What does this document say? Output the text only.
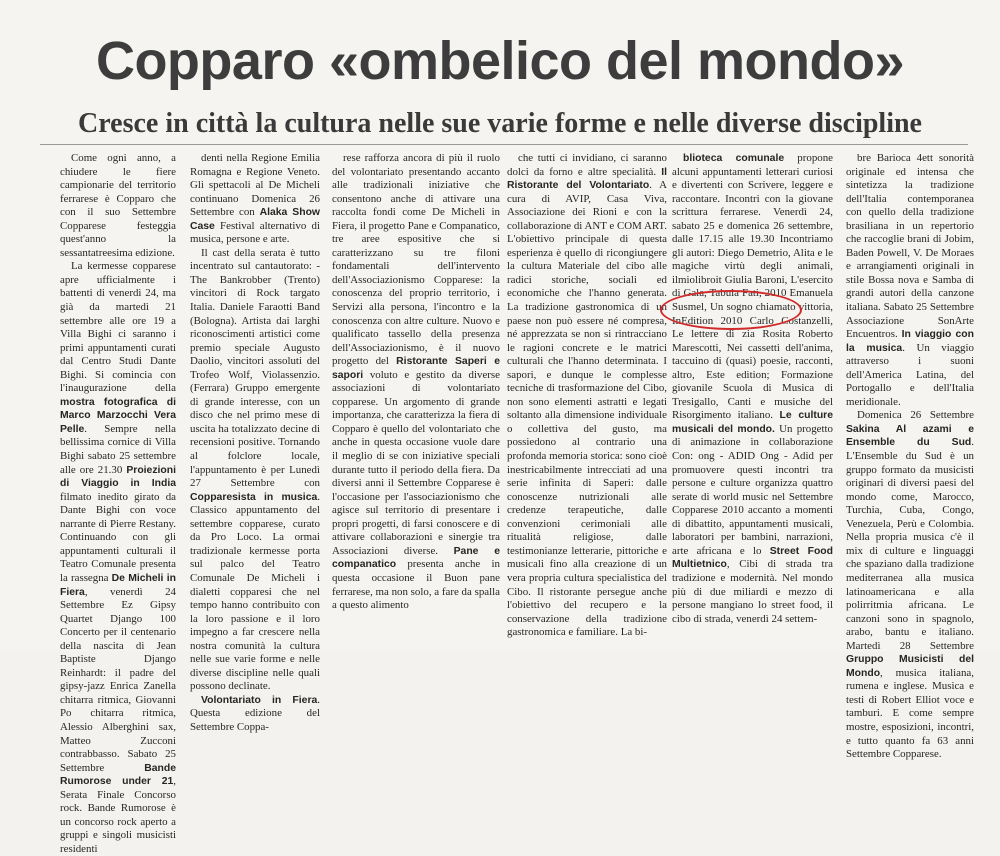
Copparo «ombelico del mondo»
Cresce in città la cultura nelle sue varie forme e nelle diverse discipline

Come ogni anno, a chiudere le fiere campionarie del territorio ferrarese è Copparo che con il suo Settembre Copparese festeggia quest'anno la sessantatreesima edizione.

La kermesse copparese apre ufficialmente i battenti di venerdì 24, ma già da martedì 21 settembre alle ore 19 a Villa Bighi ci saranno i primi appuntamenti curati dal Centro Studi Dante Bighi. Si comincia con l'inaugurazione della mostra fotografica di Marco Marzocchi Vera Pelle. Sempre nella bellissima cornice di Villa Bighi sabato 25 settembre alle ore 21.30 Proiezioni di Viaggio in India filmato inedito girato da Dante Bighi con voce narrante di Pierre Restany. Continuando con gli appuntamenti culturali il Teatro Comunale presenta la rassegna De Micheli in Fiera, venerdì 24 Settembre Ez Gipsy Quartet Django 100 Concerto per il centenario della nascita di Jean Baptiste Django Reinhardt: il padre del gipsy-jazz Enrica Zanella chitarra ritmica, Giovanni Po chitarra ritmica, Alessio Alberghini sax, Matteo Zucconi contrabbasso. Sabato 25 Settembre Bande Rumorose under 21, Serata Finale Concorso rock. Bande Rumorose è un concorso rock aperto a gruppi e singoli musicisti residenti

denti nella Regione Emilia Romagna e Regione Veneto. Gli spettacoli al De Micheli continuano Domenica 26 Settembre con Alaka Show Case Festival alternativo di musica, persone e arte.

Il cast della serata è tutto incentrato sul cantautorato: - The Bankrobber (Trento) vincitori di Rock targato Italia. Daniele Faraotti Band (Bologna). Artista dai larghi riconoscimenti artistici come premio speciale Augusto Daolio, vincitori assoluti del Trofeo Wolf, Violassenzio. (Ferrara) Gruppo emergente di grande interesse, con un disco che nel primo mese di uscita ha totalizzato decine di recensioni positive. Tornando al folclore locale, l'appuntamento è per Lunedì 27 Settembre con Copparesista in musica. Classico appuntamento del settembre copparese, curato da Pro Loco. La ormai tradizionale kermesse porta sul palco del Teatro Comunale De Micheli i dialetti copparesi che nel tempo hanno contribuito con la loro passione e il loro impegno a far crescere nella nostra comunità la cultura nelle sue varie forme e nelle diverse discipline nelle quali possono declinate.

Volontariato in Fiera. Questa edizione del Settembre Coppa-

rese rafforza ancora di più il ruolo del volontariato presentando accanto alle tradizionali iniziative che consentono anche di attivare una raccolta fondi come De Micheli in Fiera, il progetto Pane e Companatico, tre aree espositive che si caratterizzano su tre filoni fondamentali dell'intervento dell'Associazionismo Copparese: la conoscenza del proprio territorio, i Servizi alla persona, l'incontro e la conoscenza con altre culture. Nuovo e qualificato tassello della presenza dell'Associazionismo, è il nuovo progetto del Ristorante Saperi e sapori voluto e gestito da diverse associazioni di volontariato copparese. Un argomento di grande importanza, che caratterizza la fiera di Copparo è quello del volontariato che anche in questa occasione vuole dare il meglio di se con iniziative speciali durante tutto il periodo della fiera. Da diversi anni il Settembre Copparese è l'occasione per l'associazionismo che agisce sul territorio di presentare i propri progetti, di farsi conoscere e di attivare collaborazioni e sinergie tra Associazioni diverse. Pane e companatico presenta anche in questa occasione il Buon pane ferrarese, ma non solo, a fare da spalla a questo alimento

che tutti ci invidiano, ci saranno dolci da forno e altre specialità. Il Ristorante del Volontariato. A cura di AVIP, Casa Viva, Associazione dei Rioni e con la collaborazione di ANT e COM ART. L'obiettivo principale di questa esperienza è quello di ricongiungere la cultura Materiale del cibo alle radici storiche, sociali ed economiche che l'hanno generata. La tradizione gastronomica di un paese non può essere né compresa, né apprezzata se non si rintracciano le ragioni concrete e le matrici culturali che l'hanno determinata. I sapori, e dunque le complesse tecniche di trasformazione del Cibo, non sono elementi astratti e legati soltanto alla dimensione individuale o collettiva del gusto, ma possiedono al contrario una profonda memoria storica: sono cioè inestricabilmente intrecciati ad una serie infinita di Saperi: dalle conoscenze nutrizionali alle credenze terapeutiche, dalle convenzioni cerimoniali alle ritualità religiose, dalle testimonianze letterarie, pittoriche e musicali fino alla creazione di un vera propria cultura specialistica del Cibo. Il ristorante persegue anche l'obiettivo del recupero e la conservazione della tradizione gastronomica e familiare. La bi-

blioteca comunale propone alcuni appuntamenti letterari curiosi e divertenti con Scrivere, leggere e raccontare. Incontri con la giovane scrittura ferrarese. Venerdì 24, sabato 25 e domenica 26 settembre, dalle 17.15 alle 19.30 Incontriamo gli autori: Diego Demetrio, Alita e le magiche virtù degli animali, ilmiolibroit Giulia Baroni, L'esercito di Gala, Tabula Fati, 2010 Emanuela Susmel, Un sogno chiamato vittoria, InEdition 2010 Carlo Costanzelli, Le lettere di zia Rosita Roberto Marescotti, Nei cassetti dell'anima, taccuino di (quasi) poesie, racconti, altro, Este edition; Formazione giovanile Scuola di Musica di Tresigallo, Canti e musiche del Risorgimento italiano. Le culture musicali del mondo. Un progetto di animazione in collaborazione Con: ong - ADID Ong - Adid per promuovere questi incontri tra persone e culture organizza quattro serate di world music nel Settembre Copparese 2010 accanto a momenti di dibattito, appuntamenti musicali, laboratori per bambini, narrazioni, arte africana e lo Street Food Multietnico, Cibi di strada tra tradizione e modernità. Nel mondo più di due miliardi e mezzo di persone mangiano lo street food, il cibo di strada, venerdì 24 settem-

bre Barioca 4ett sonorità originale ed intensa che sintetizza la tradizione dell'Italia contemporanea con quello della tradizione brasiliana in un repertorio che raccoglie brani di Jobim, Baden Powell, V. De Moraes e arrangiamenti originali in stile Bossa nova e Samba di grandi autori della canzone italiana. Sabato 25 Settembre Associazione SonArte Encuentros. In viaggio con la musica. Un viaggio attraverso i suoni dell'America Latina, del Portogallo e dell'Italia meridionale.

Domenica 26 Settembre Sakina Al azami e Ensemble du Sud. L'Ensemble du Sud è un gruppo formato da musicisti originari di diversi paesi del mondo come, Marocco, Turchia, Cuba, Congo, Venezuela, Perù e Colombia. Nella propria musica c'è il mix di culture e linguaggi che spaziano dalla tradizione mediterranea alla musica latinoamericana e alla polirritmia africana. Le canzoni sono in spagnolo, arabo, bantu e italiano. Martedì 28 Settembre Gruppo Musicisti del Mondo, musica italiana, rumena e inglese. Musica e testi di Robert Elliot voce e tamburi. E come sempre mostre, esposizioni, incontri, e tutto quanto fa 63 anni Settembre Copparese.
